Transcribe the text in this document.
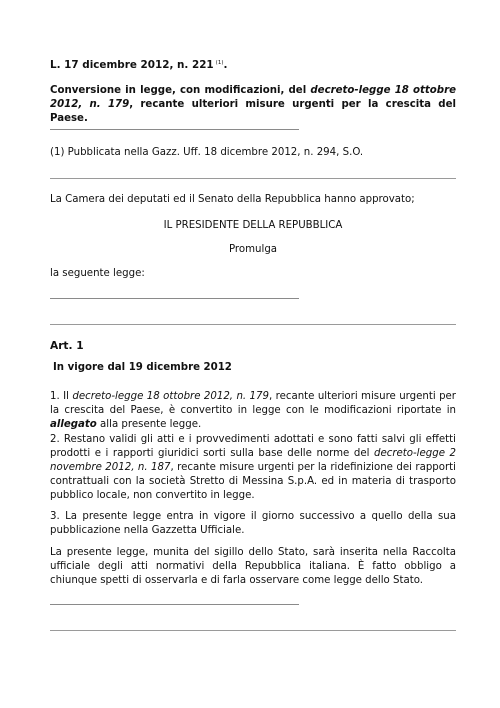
L. 17 dicembre 2012, n. 221 $^{(1)}$.
Conversione in legge, con modificazioni, del decreto-legge 18 ottobre 2012, n. 179, recante ulteriori misure urgenti per la crescita del Paese.
(1) Pubblicata nella Gazz. Uff. 18 dicembre 2012, n. 294, S.O.
La Camera dei deputati ed il Senato della Repubblica hanno approvato;
IL PRESIDENTE DELLA REPUBBLICA
Promulga
la seguente legge:
Art. 1
In vigore dal 19 dicembre 2012
1. Il decreto-legge 18 ottobre 2012, n. 179, recante ulteriori misure urgenti per la crescita del Paese, è convertito in legge con le modificazioni riportate in allegato alla presente legge.
2. Restano validi gli atti e i provvedimenti adottati e sono fatti salvi gli effetti prodotti e i rapporti giuridici sorti sulla base delle norme del decreto-legge 2 novembre 2012, n. 187, recante misure urgenti per la ridefinizione dei rapporti contrattuali con la società Stretto di Messina S.p.A. ed in materia di trasporto pubblico locale, non convertito in legge.
3. La presente legge entra in vigore il giorno successivo a quello della sua pubblicazione nella Gazzetta Ufficiale.
La presente legge, munita del sigillo dello Stato, sarà inserita nella Raccolta ufficiale degli atti normativi della Repubblica italiana. È fatto obbligo a chiunque spetti di osservarla e di farla osservare come legge dello Stato.
